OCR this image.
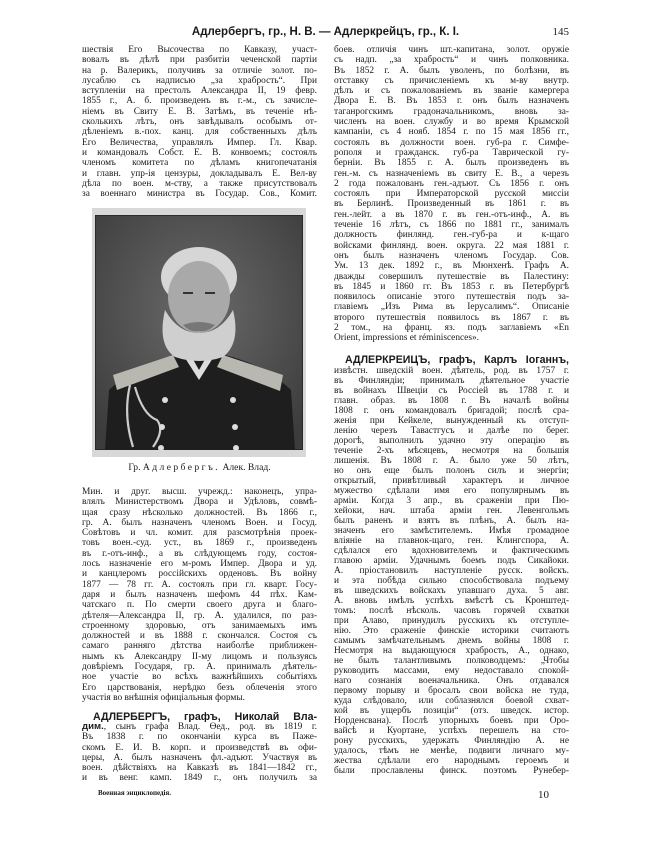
Адлербергъ, гр., Н. В. — Адлеркрейцъ, гр., К. I.	145
шествія Его Высочества по Кавказу, участ-
вовалъ въ дѣлѣ при разбитіи чеченской партіи
на р. Валерикъ, получивъ за отличіе золот. по-
лусаблю съ надписью „за храбрость“. При
вступленіи на престолъ Александра II, 19 февр.
1855 г., А. б. произведенъ въ г.-м., съ зачисле-
ніемъ въ Свиту Е. В. Затѣмъ, въ теченіе нѣ-
сколькихъ лѣтъ, онъ завѣдывалъ особымъ от-
дѣленіемъ в.-пох. канц. для собственныхъ дѣлъ
Его Величества, управлялъ Импер. Гл. Квар.
и командовалъ Собст. Е. В. конвоемъ; состоялъ
членомъ комитета по дѣламъ книгопечатанія
и главн. упр-ія цензуры, докладывалъ Е. Вел-ву
дѣла по воен. м-ству, а также присутствовалъ
за военнаго министра въ Государ. Сов., Комит.
Гр. Адлербергъ. Алек. Влад.
Мин. и друг. высш. учрежд.: наконецъ, упра-
влялъ Министерствомъ Двора и Удѣловъ, совмѣ-
щая сразу нѣсколько должностей. Въ 1866 г.,
гр. А. былъ назначенъ членомъ Воен. и Госуд.
Совѣтовъ и чл. комит. для разсмотрѣнія проек-
товъ воен.-суд. уст., въ 1869 г., произведенъ
въ г.-отъ-инф., а въ слѣдующемъ году, состоя-
лось назначеніе его м-ромъ Импер. Двора и уд.
и канцлеромъ россійскихъ орденовъ. Въ войну
1877 — 78 гг. А. состоялъ при гл. кварт. Госу-
даря и былъ назначенъ шефомъ 44 пѣх. Кам-
чатскаго п. По смерти своего друга и благо-
дѣтеля—Александра II, гр. А. удалился, по раз-
строенному здоровью, отъ занимаемыхъ имъ
должностей и въ 1888 г. скончался. Состоя съ
самаго ранняго дѣтства наиболѣе приближен-
нымъ къ Александру II-му лицомъ и пользуясь
довѣріемъ Государя, гр. А. принималъ дѣятель-
ное участіе во всѣхъ важнѣйшихъ событіяхъ
Его царствованія, нерѣдко безъ облеченія этого
участія во внѣшнія офиціальныя формы.
АДЛЕРБЕРГЪ, графъ, Николай Вла-
дим., сынъ графа Влад. Ѳед., род. въ 1819 г.
Въ 1838 г. по окончаніи курса въ Паже-
скомъ Е. И. В. корп. и произведствѣ въ офи-
церы, А. былъ назначенъ фл.-адъют. Участвуя въ
воен. дѣйствіяхъ на Кавказѣ въ 1841—1842 гг.,
и въ венг. камп. 1849 г., онъ получилъ за
Военная энциклопедія.
боев. отличія чинъ шт.-капитана, золот. оружіе
съ надп. „за храбрость“ и чинъ полковника.
Въ 1852 г. А. былъ уволенъ, по болѣзни, въ
отставку съ причисленіемъ къ м-ву внутр.
дѣлъ и съ пожалованіемъ въ званіе камергера
Двора Е. В. Въ 1853 г. онъ былъ назначенъ
таганрогскимъ градоначальникомъ, вновь за-
численъ на воен. службу и во время Крымской
кампаніи, съ 4 нояб. 1854 г. по 15 мая 1856 гг.,
состоялъ въ должности воен. губ-ра г. Симфе-
рополя и граждaнск. губ-ра Таврической гу-
берніи. Въ 1855 г. А. былъ произведенъ въ
ген.-м. съ назначеніемъ въ свиту Е. В., а черезъ
2 года пожалованъ ген.-адъют. Съ 1856 г. онъ
состоялъ при Императорской русской миссіи
въ Берлинѣ. Произведенный въ 1861 г. въ
ген.-лейт. а въ 1870 г. въ ген.-отъ-инф., А. въ
теченіе 16 лѣтъ, съ 1866 по 1881 гг., занималъ
должность финлянд. ген.-губ-ра и к-щаго
войсками финлянд. воен. округа. 22 мая 1881 г.
онъ былъ назначенъ членомъ Государ. Сов.
Ум. 13 дек. 1892 г., въ Мюнхенѣ. Графъ А.
дважды совершилъ путешествіе въ Палестину:
въ 1845 и 1860 гг. Въ 1853 г. въ Петербургѣ
появилось описаніе этого путешествія подъ за-
главіемъ „Изъ Рима въ Іерусалимъ“. Описаніе
второго путешествія появилось въ 1867 г. въ
2 том., на франц. яз. подъ заглавіемъ «En
Orient, impressions et réminiscences».
АДЛЕРКРЕЙЦЪ, графъ, Карлъ Іоганнъ,
извѣстн. шведскій воен. дѣятель, род. въ 1757 г.
въ Финляндіи; принималъ дѣятельное участіе
въ войнахъ Швеціи съ Россіей въ 1788 г. и
главн. образ. въ 1808 г. Въ началѣ войны
1808 г. онъ командовалъ бригадой; послѣ сра-
женія при Кейкеле, вынужденный къ отступ-
ленію черезъ Тавастгусъ и далѣе по берег.
дорогѣ, выполнилъ удачно эту операцію въ
теченіе 2-хъ мѣсяцевъ, несмотря на большія
лишенія. Въ 1808 г. А. было уже 50 лѣтъ,
но онъ еще былъ полонъ силъ и энергіи;
открытый, привѣтливый характеръ и личное
мужество сдѣлали имя его популярнымъ въ
арміи. Когда 3 апр., въ сраженіи при Пю-
хейоки, нач. штаба арміи ген. Левенгольмъ
былъ раненъ и взятъ въ плѣнъ, А. былъ на-
значенъ его замѣстителемъ. Имѣя громадное
вліяніе на главнок-щаго, ген. Клингспора, А.
сдѣлался его вдохновителемъ и фактическимъ
главою арміи. Удачнымъ боемъ подъ Сикайоки.
А. пріостановилъ наступленіе русск. войскъ.
и эта побѣда сильно способствовала подъему
въ шведскихъ войскахъ упавшаго духа. 5 авг.
А. вновь имѣлъ успѣхъ вмѣстѣ съ Кронштед-
томъ: послѣ нѣсколь. часовъ горячей схватки
при Алаво, принудилъ русскихъ къ отступле-
нію. Это сраженіе финскіе историки считаютъ
самымъ замѣчательнымъ днемъ войны 1808 г.
Несмотря на выдающуюся храбрость, А., однако,
не былъ талантливымъ полководцемъ: „Чтобы
руководить массами, ему недоставало спокой-
наго сознанія военачальника. Онъ отдавался
первому порыву и бросалъ свои войска не туда,
куда слѣдовало, или соблазнялся боевой схват-
кой въ ущербъ позиціи“ (отз. шведск. истор.
Норденсвана). Послѣ упорныхъ боевъ при Оро-
вайсѣ и Куортане, успѣхъ перешелъ на сто-
рону русскихъ, удержать Финляндію А. не
удалось, тѣмъ не менѣе, подвиги личнаго му-
жества сдѣлали его народнымъ героемъ и
были прославлены финск. поэтомъ Рунебер-
10
